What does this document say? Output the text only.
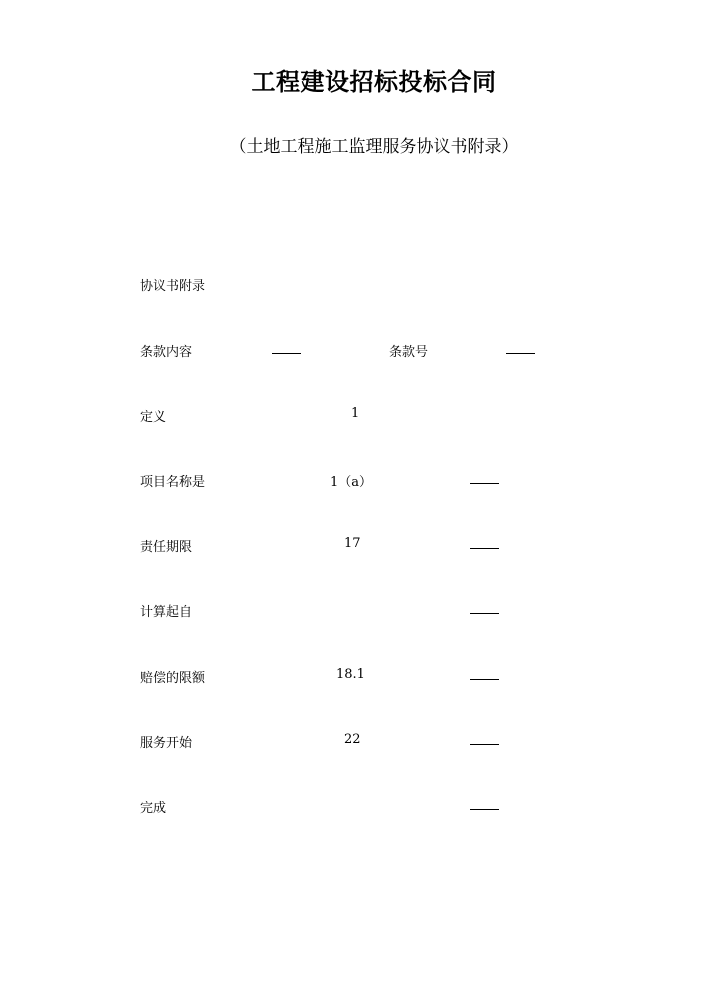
工程建设招标投标合同
（土地工程施工监理服务协议书附录）
协议书附录
条款内容	条款号
定义	1
项目名称是	1（a）
责任期限	17
计算起自
赔偿的限额	18.1
服务开始	22
完成
